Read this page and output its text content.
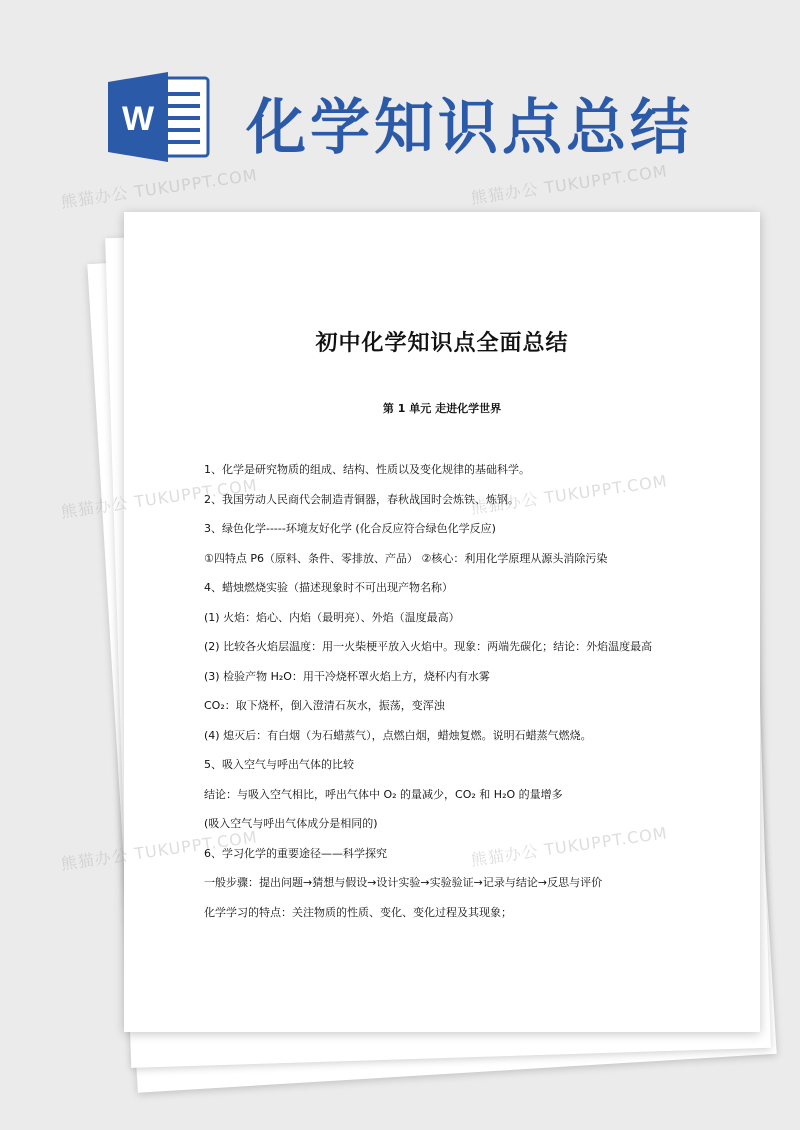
W 化学知识点总结
初中化学知识点全面总结
第 1 单元 走进化学世界
1、化学是研究物质的组成、结构、性质以及变化规律的基础科学。
2、我国劳动人民商代会制造青铜器，春秋战国时会炼铁、炼钢。
3、绿色化学-----环境友好化学 (化合反应符合绿色化学反应)
①四特点 P6（原料、条件、零排放、产品） ②核心：利用化学原理从源头消除污染
4、蜡烛燃烧实验（描述现象时不可出现产物名称）
(1) 火焰：焰心、内焰（最明亮）、外焰（温度最高）
(2) 比较各火焰层温度：用一火柴梗平放入火焰中。现象：两端先碳化；结论：外焰温度最高
(3) 检验产物 H₂O：用干冷烧杯罩火焰上方，烧杯内有水雾
CO₂：取下烧杯，倒入澄清石灰水，振荡，变浑浊
(4) 熄灭后：有白烟（为石蜡蒸气），点燃白烟，蜡烛复燃。说明石蜡蒸气燃烧。
5、吸入空气与呼出气体的比较
结论：与吸入空气相比，呼出气体中 O₂ 的量减少，CO₂ 和 H₂O 的量增多
(吸入空气与呼出气体成分是相同的)
6、学习化学的重要途径——科学探究
一般步骤：提出问题→猜想与假设→设计实验→实验验证→记录与结论→反思与评价
化学学习的特点：关注物质的性质、变化、变化过程及其现象；
熊猫办公 TUKUPPT.COM	熊猫办公 TUKUPPT.COM
熊猫办公 TUKUPPT.COM	熊猫办公 TUKUPPT.COM
熊猫办公 TUKUPPT.COM	熊猫办公 TUKUPPT.COM
